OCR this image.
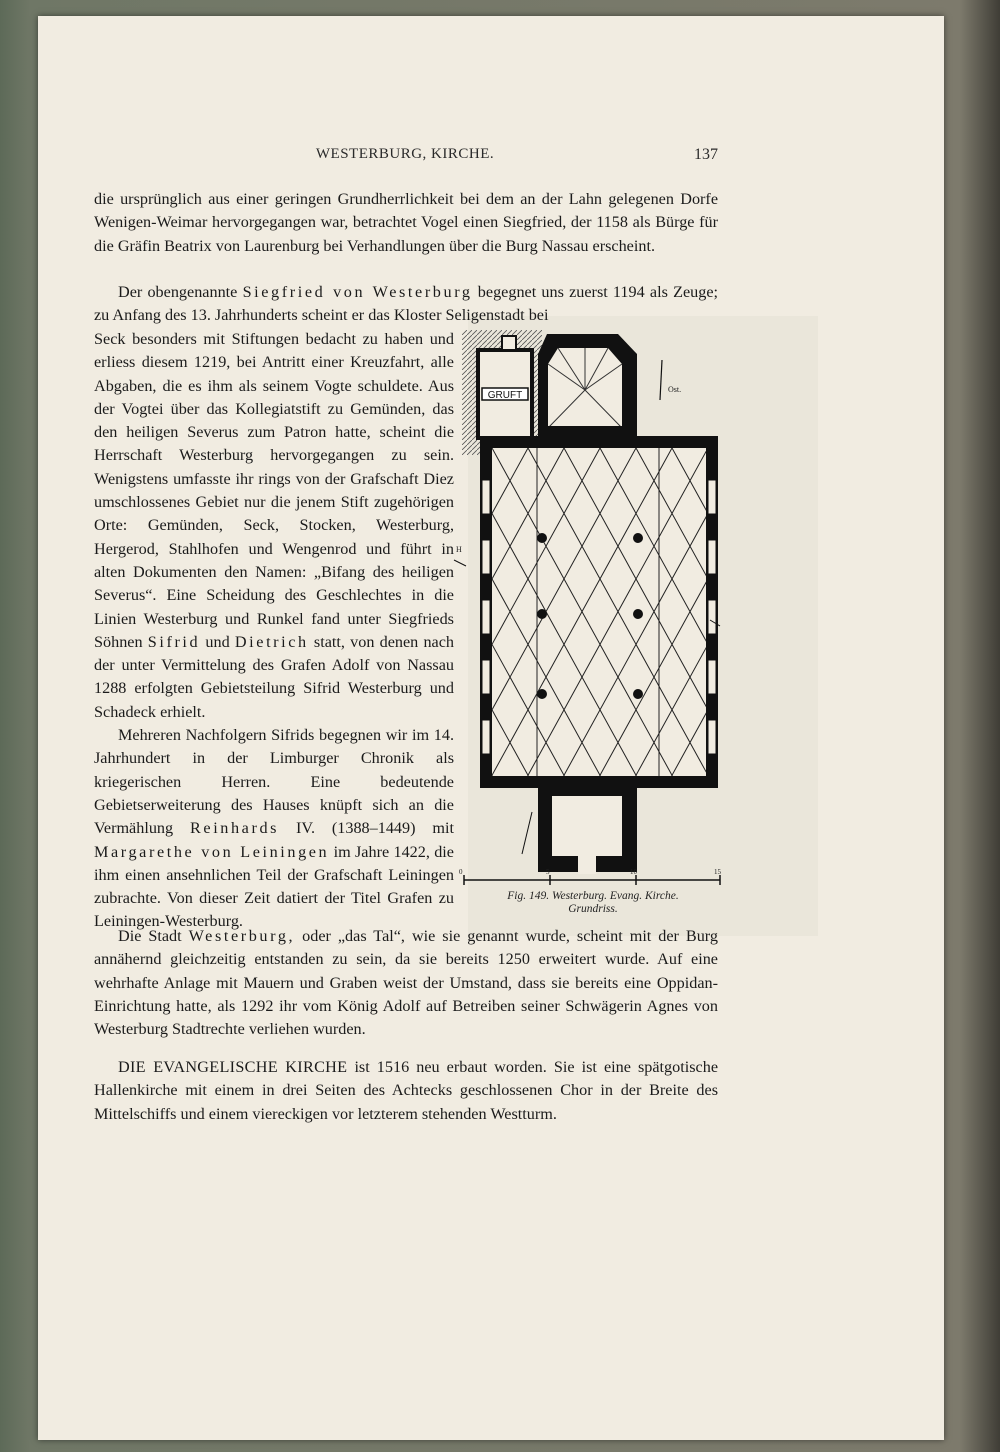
WESTERBURG, KIRCHE.	137

die ursprünglich aus einer geringen Grundherrlichkeit bei dem an der Lahn gelegenen Dorfe Wenigen-Weimar hervorgegangen war, betrachtet Vogel einen Siegfried, der 1158 als Bürge für die Gräfin Beatrix von Laurenburg bei Verhandlungen über die Burg Nassau erscheint.

Der obengenannte Siegfried von Westerburg begegnet uns zuerst 1194 als Zeuge; zu Anfang des 13. Jahrhunderts scheint er das Kloster Seligenstadt bei

Seck besonders mit Stiftungen bedacht zu haben und erliess diesem 1219, bei Antritt einer Kreuzfahrt, alle Abgaben, die es ihm als seinem Vogte schuldete. Aus der Vogtei über das Kollegiatstift zu Gemünden, das den heiligen Severus zum Patron hatte, scheint die Herrschaft Westerburg hervorgegangen zu sein. Wenigstens umfasste ihr rings von der Grafschaft Diez umschlossenes Gebiet nur die jenem Stift zugehörigen Orte: Gemünden, Seck, Stocken, Westerburg, Hergerod, Stahlhofen und Wengenrod und führt in alten Dokumenten den Namen: „Bifang des heiligen Severus“. Eine Scheidung des Geschlechtes in die Linien Westerburg und Runkel fand unter Siegfrieds Söhnen Sifrid und Dietrich statt, von denen nach der unter Vermittelung des Grafen Adolf von Nassau 1288 erfolgten Gebietsteilung Sifrid Westerburg und Schadeck erhielt.

Mehreren Nachfolgern Sifrids begegnen wir im 14. Jahrhundert in der Limburger Chronik als kriegerischen Herren. Eine bedeutende Gebietserweiterung des Hauses knüpft sich an die Vermählung Reinhards IV. (1388–1449) mit Margarethe von Leiningen im Jahre 1422, die ihm einen ansehnlichen Teil der Grafschaft Leiningen zubrachte. Von dieser Zeit datiert der Titel Grafen zu Leiningen-Westerburg.

Die Stadt Westerburg, oder „das Tal“, wie sie genannt wurde, scheint mit der Burg annähernd gleichzeitig entstanden zu sein, da sie bereits 1250 erweitert wurde. Auf eine wehrhafte Anlage mit Mauern und Graben weist der Umstand, dass sie bereits eine Oppidan-Einrichtung hatte, als 1292 ihr vom König Adolf auf Betreiben seiner Schwägerin Agnes von Westerburg Stadtrechte verliehen wurden.

DIE EVANGELISCHE KIRCHE ist 1516 neu erbaut worden. Sie ist eine spätgotische Hallenkirche mit einem in drei Seiten des Achtecks geschlossenen Chor in der Breite des Mittelschiffs und einem viereckigen vor letzterem stehenden Westturm.

GRUFT
Ost.
H
0	5	10	15
Fig. 149. Westerburg. Evang. Kirche.
Grundriss.
